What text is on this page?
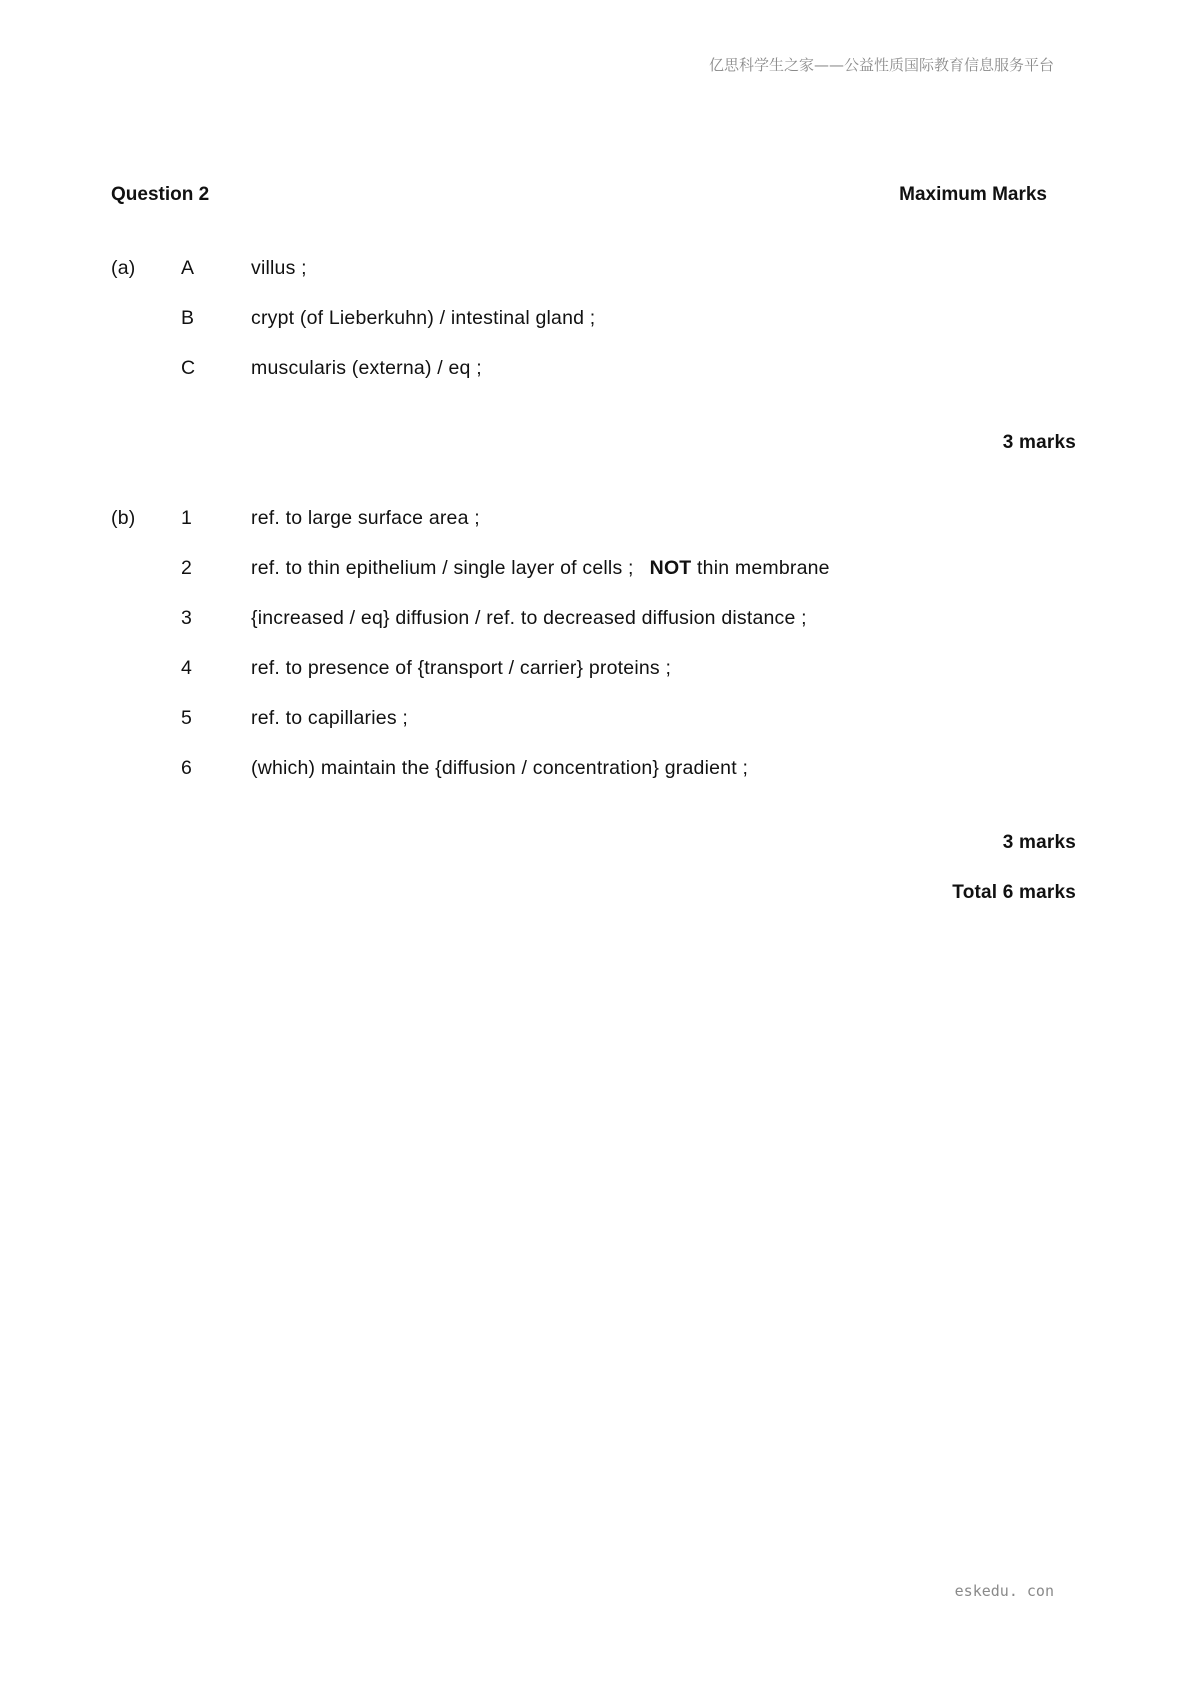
亿思科学生之家——公益性质国际教育信息服务平台
Question 2	Maximum Marks
(a) A	villus ;
B	crypt (of Lieberkuhn) / intestinal gland ;
C	muscularis (externa) / eq ;
3 marks
(b) 1	ref. to large surface area ;
2	ref. to thin epithelium / single layer of cells ; NOT thin membrane
3	{increased / eq} diffusion / ref. to decreased diffusion distance ;
4	ref. to presence of {transport / carrier} proteins ;
5	ref. to capillaries ;
6	(which) maintain the {diffusion / concentration} gradient ;
3 marks
Total 6 marks
eskedu. con
